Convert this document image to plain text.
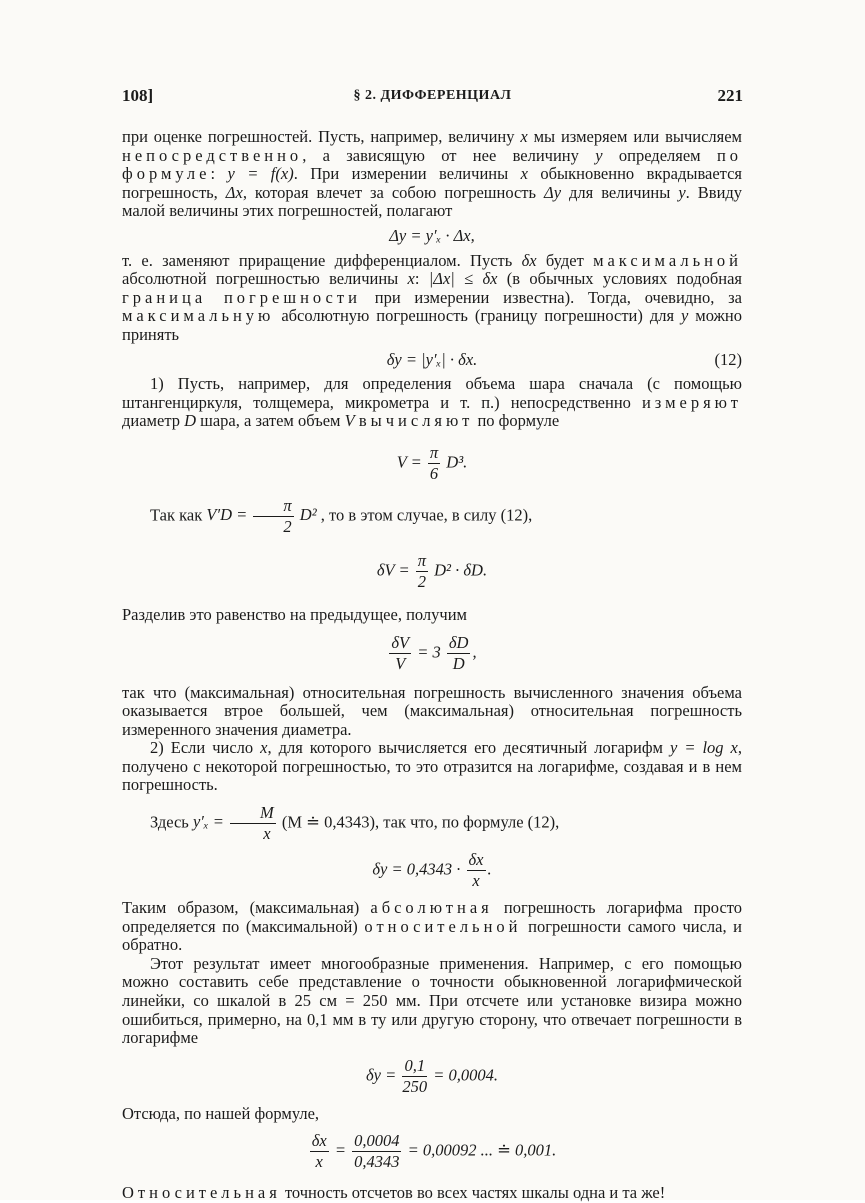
108]	§ 2. ДИФФЕРЕНЦИАЛ	221

при оценке погрешностей. Пусть, например, величину x мы измеряем или вычисляем непосредственно, а зависящую от нее величину y определяем по формуле: y = f(x). При измерении величины x обыкновенно вкрадывается погрешность, Δx, которая влечет за собою погрешность Δy для величины y. Ввиду малой величины этих погрешностей, полагают

Δy = y′ₓ · Δx,

т. е. заменяют приращение дифференциалом. Пусть δx будет максимальной абсолютной погрешностью величины x: |Δx| ≤ δx (в обычных условиях подобная граница погрешности при измерении известна). Тогда, очевидно, за максимальную абсолютную погрешность (границу погрешности) для y можно принять

δy = |y′ₓ| · δx.	(12)

1) Пусть, например, для определения объема шара сначала (с помощью штангенциркуля, толщемера, микрометра и т. п.) непосредственно измеряют диаметр D шара, а затем объем V вычисляют по формуле

$V = \frac{\pi}{6} D^3$.

Так как $V'D = \frac{\pi}{2} D^2$ , то в этом случае, в силу (12),

$\delta V = \frac{\pi}{2} D^2 \cdot \delta D$.

Разделив это равенство на предыдущее, получим

$\frac{\delta V}{V} = 3 \frac{\delta D}{D}$ ,

так что (максимальная) относительная погрешность вычисленного значения объема оказывается втрое большей, чем (максимальная) относительная погрешность измеренного значения диаметра.

2) Если число x, для которого вычисляется его десятичный логарифм y = log x, получено с некоторой погрешностью, то это отразится на логарифме, создавая и в нем погрешность.

Здесь $y'_x = \frac{M}{x} (M$ ≐ 0,4343), так что, по формуле (12),

$\delta y = 0,4343 \cdot \frac{\delta x}{x}$ .

Таким образом, (максимальная) абсолютная погрешность логарифма просто определяется по (максимальной) относительной погрешности самого числа, и обратно.

Этот результат имеет многообразные применения. Например, с его помощью можно составить себе представление о точности обыкновенной логарифмической линейки, со шкалой в 25 см = 250 мм. При отсчете или установке визира можно ошибиться, примерно, на 0,1 мм в ту или другую сторону, что отвечает погрешности в логарифме

$\delta y = \frac{0,1}{250} = 0,0004$.

Отсюда, по нашей формуле,

$\frac{\delta x}{x} = \frac{0,0004}{0,4343} = 0,00092$ ... ≐ 0,001.

Относительная точность отсчетов во всех частях шкалы одна и та же!
